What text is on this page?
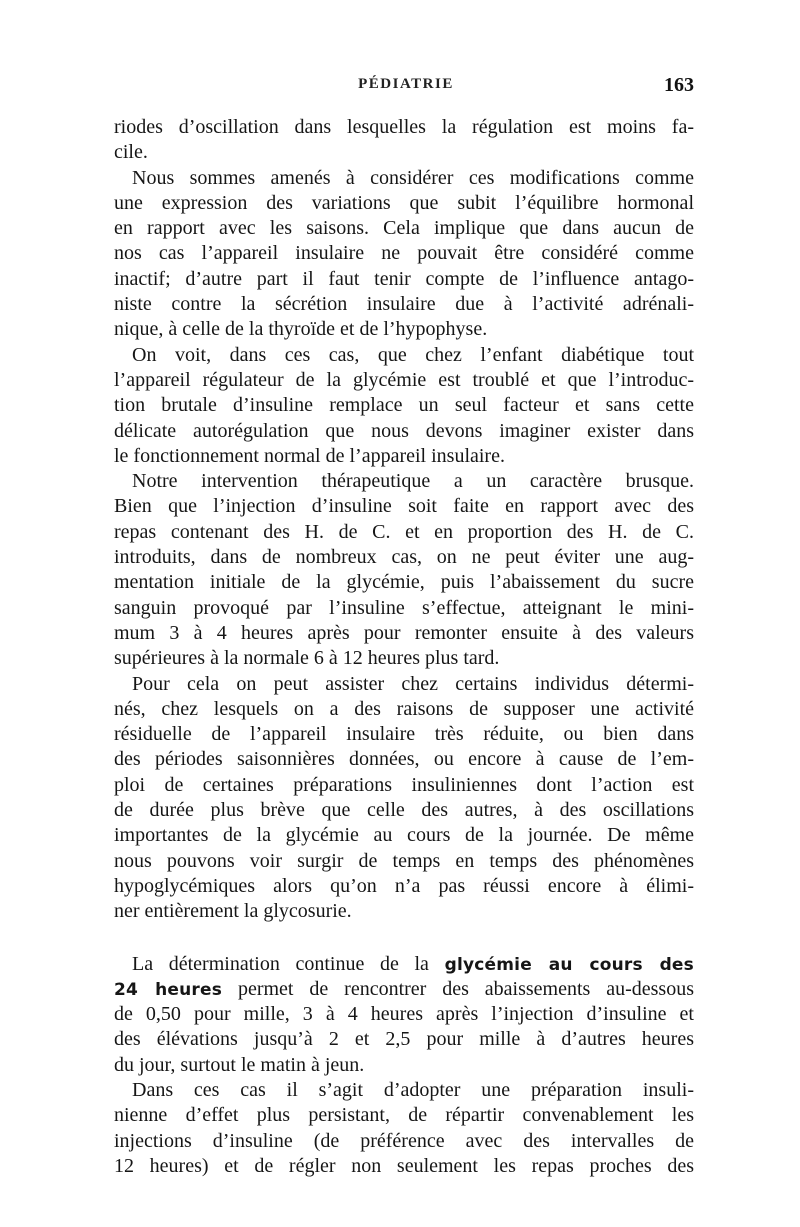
PÉDIATRIE	163
riodes d’oscillation dans lesquelles la régulation est moins fa-
cile.
Nous sommes amenés à considérer ces modifications comme
une expression des variations que subit l’équilibre hormonal
en rapport avec les saisons. Cela implique que dans aucun de
nos cas l’appareil insulaire ne pouvait être considéré comme
inactif; d’autre part il faut tenir compte de l’influence antago-
niste contre la sécrétion insulaire due à l’activité adrénali-
nique, à celle de la thyroïde et de l’hypophyse.
On voit, dans ces cas, que chez l’enfant diabétique tout
l’appareil régulateur de la glycémie est troublé et que l’introduc-
tion brutale d’insuline remplace un seul facteur et sans cette
délicate autorégulation que nous devons imaginer exister dans
le fonctionnement normal de l’appareil insulaire.
Notre intervention thérapeutique a un caractère brusque.
Bien que l’injection d’insuline soit faite en rapport avec des
repas contenant des H. de C. et en proportion des H. de C.
introduits, dans de nombreux cas, on ne peut éviter une aug-
mentation initiale de la glycémie, puis l’abaissement du sucre
sanguin provoqué par l’insuline s’effectue, atteignant le mini-
mum 3 à 4 heures après pour remonter ensuite à des valeurs
supérieures à la normale 6 à 12 heures plus tard.
Pour cela on peut assister chez certains individus détermi-
nés, chez lesquels on a des raisons de supposer une activité
résiduelle de l’appareil insulaire très réduite, ou bien dans
des périodes saisonnières données, ou encore à cause de l’em-
ploi de certaines préparations insuliniennes dont l’action est
de durée plus brève que celle des autres, à des oscillations
importantes de la glycémie au cours de la journée. De même
nous pouvons voir surgir de temps en temps des phénomènes
hypoglycémiques alors qu’on n’a pas réussi encore à élimi-
ner entièrement la glycosurie.
La détermination continue de la glycémie au cours des
24 heures permet de rencontrer des abaissements au-dessous
de 0,50 pour mille, 3 à 4 heures après l’injection d’insuline et
des élévations jusqu’à 2 et 2,5 pour mille à d’autres heures
du jour, surtout le matin à jeun.
Dans ces cas il s’agit d’adopter une préparation insuli-
nienne d’effet plus persistant, de répartir convenablement les
injections d’insuline (de préférence avec des intervalles de
12 heures) et de régler non seulement les repas proches des
